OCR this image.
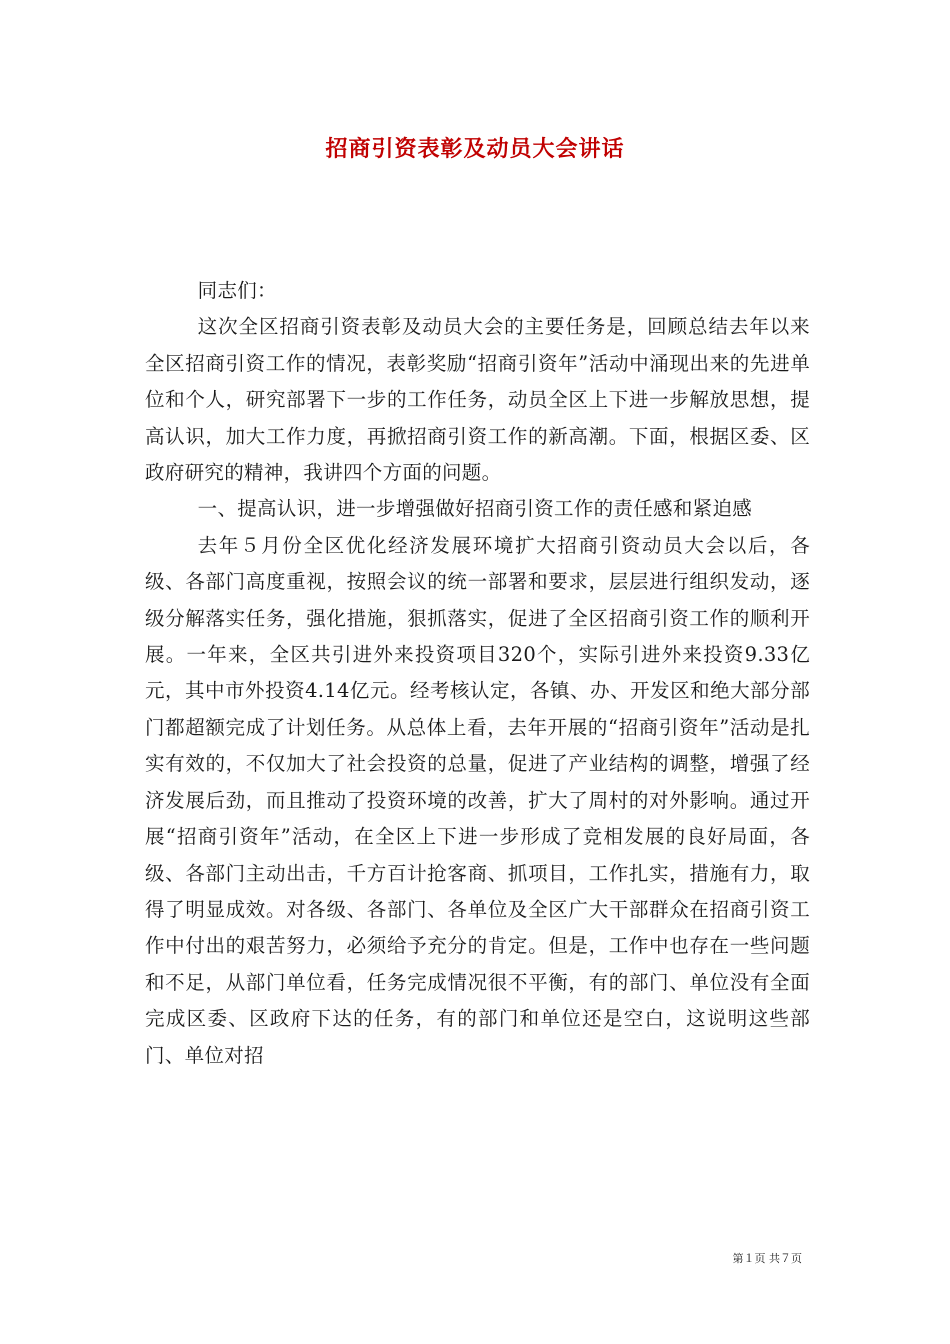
招商引资表彰及动员大会讲话

同志们：

这次全区招商引资表彰及动员大会的主要任务是，回顾总结去年以来全区招商引资工作的情况，表彰奖励“招商引资年”活动中涌现出来的先进单位和个人，研究部署下一步的工作任务，动员全区上下进一步解放思想，提高认识，加大工作力度，再掀招商引资工作的新高潮。下面，根据区委、区政府研究的精神，我讲四个方面的问题。

一、提高认识，进一步增强做好招商引资工作的责任感和紧迫感

去年５月份全区优化经济发展环境扩大招商引资动员大会以后，各级、各部门高度重视，按照会议的统一部署和要求，层层进行组织发动，逐级分解落实任务，强化措施，狠抓落实，促进了全区招商引资工作的顺利开展。一年来，全区共引进外来投资项目320个，实际引进外来投资9.33亿元，其中市外投资4.14亿元。经考核认定，各镇、办、开发区和绝大部分部门都超额完成了计划任务。从总体上看，去年开展的“招商引资年”活动是扎实有效的，不仅加大了社会投资的总量，促进了产业结构的调整，增强了经济发展后劲，而且推动了投资环境的改善，扩大了周村的对外影响。通过开展“招商引资年”活动，在全区上下进一步形成了竞相发展的良好局面，各级、各部门主动出击，千方百计抢客商、抓项目，工作扎实，措施有力，取得了明显成效。对各级、各部门、各单位及全区广大干部群众在招商引资工作中付出的艰苦努力，必须给予充分的肯定。但是，工作中也存在一些问题和不足，从部门单位看，任务完成情况很不平衡，有的部门、单位没有全面完成区委、区政府下达的任务，有的部门和单位还是空白，这说明这些部门、单位对招

第１页 共７页
